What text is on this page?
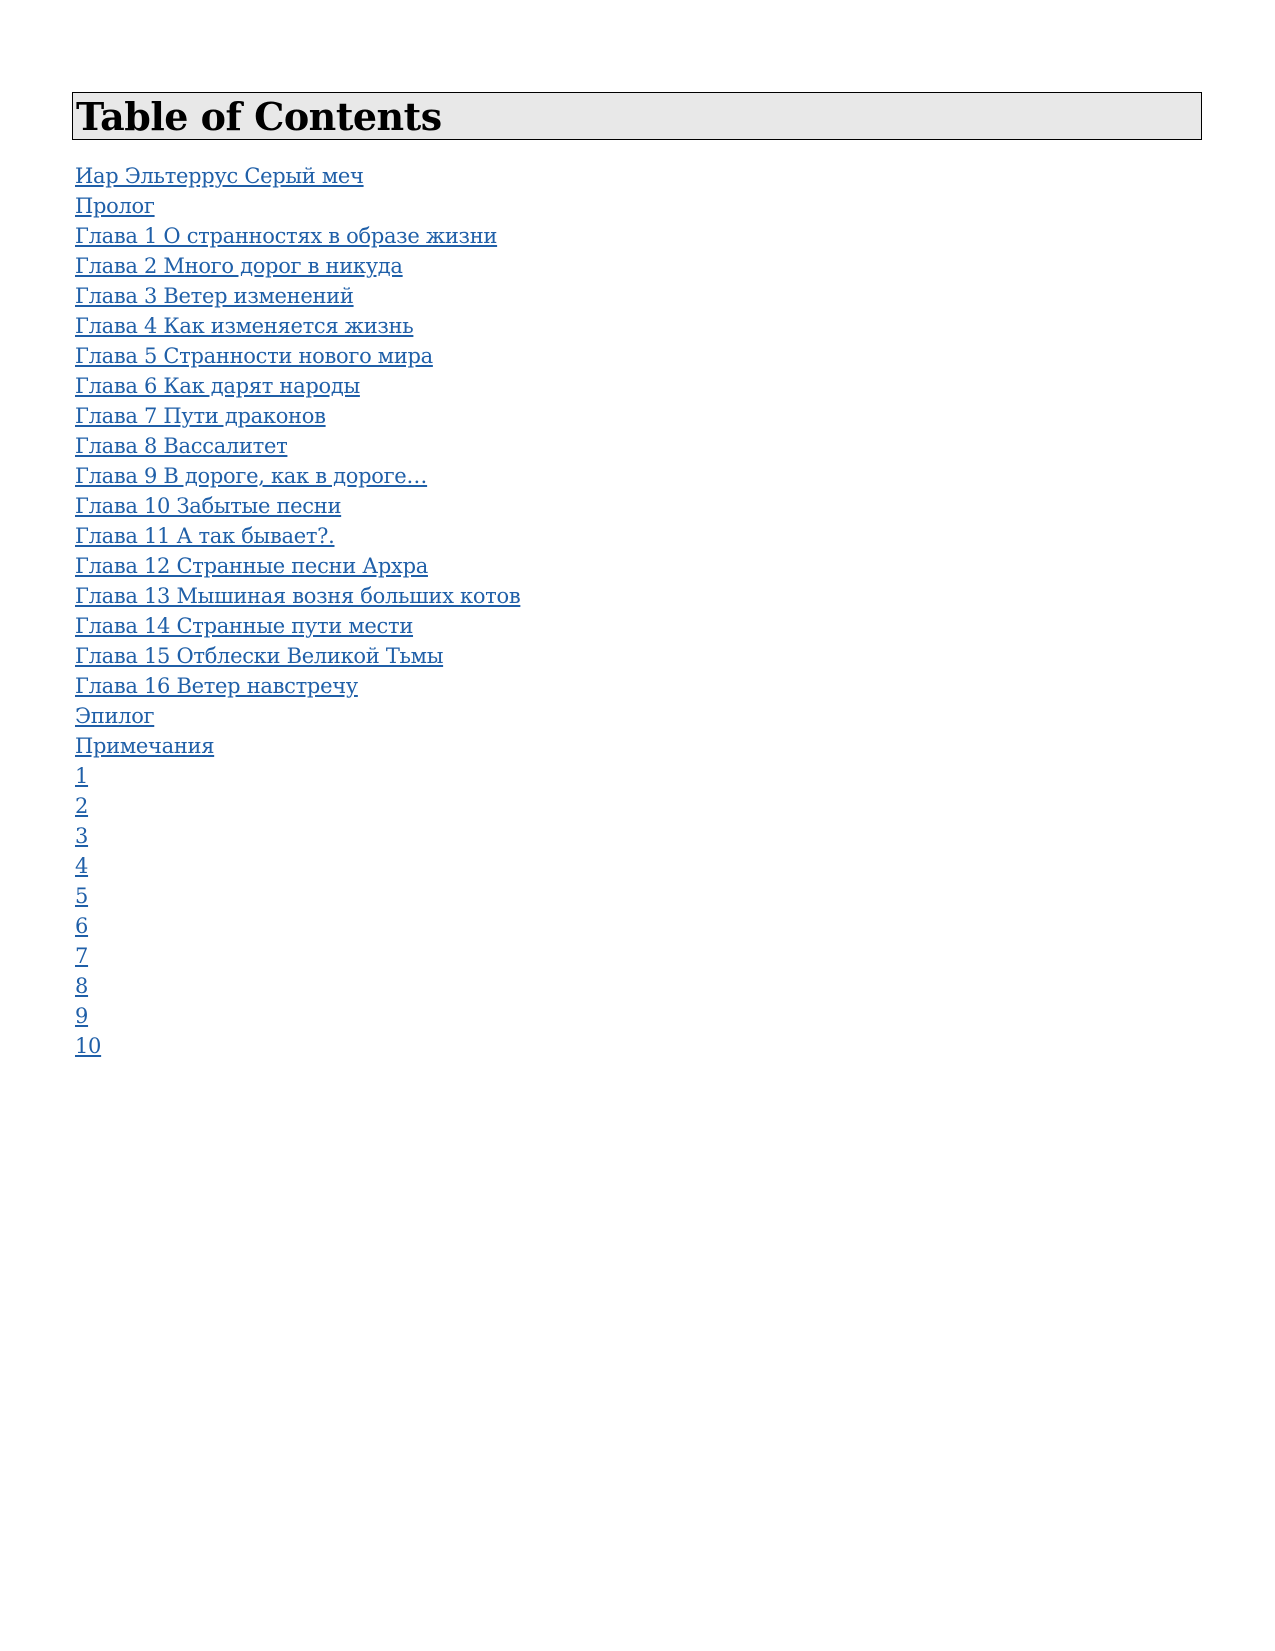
Table of Contents
Иар Эльтеррус Серый меч
Пролог
Глава 1 О странностях в образе жизни
Глава 2 Много дорог в никуда
Глава 3 Ветер изменений
Глава 4 Как изменяется жизнь
Глава 5 Странности нового мира
Глава 6 Как дарят народы
Глава 7 Пути драконов
Глава 8 Вассалитет
Глава 9 В дороге, как в дороге…
Глава 10 Забытые песни
Глава 11 А так бывает?.
Глава 12 Странные песни Архра
Глава 13 Мышиная возня больших котов
Глава 14 Странные пути мести
Глава 15 Отблески Великой Тьмы
Глава 16 Ветер навстречу
Эпилог
Примечания
1
2
3
4
5
6
7
8
9
10
